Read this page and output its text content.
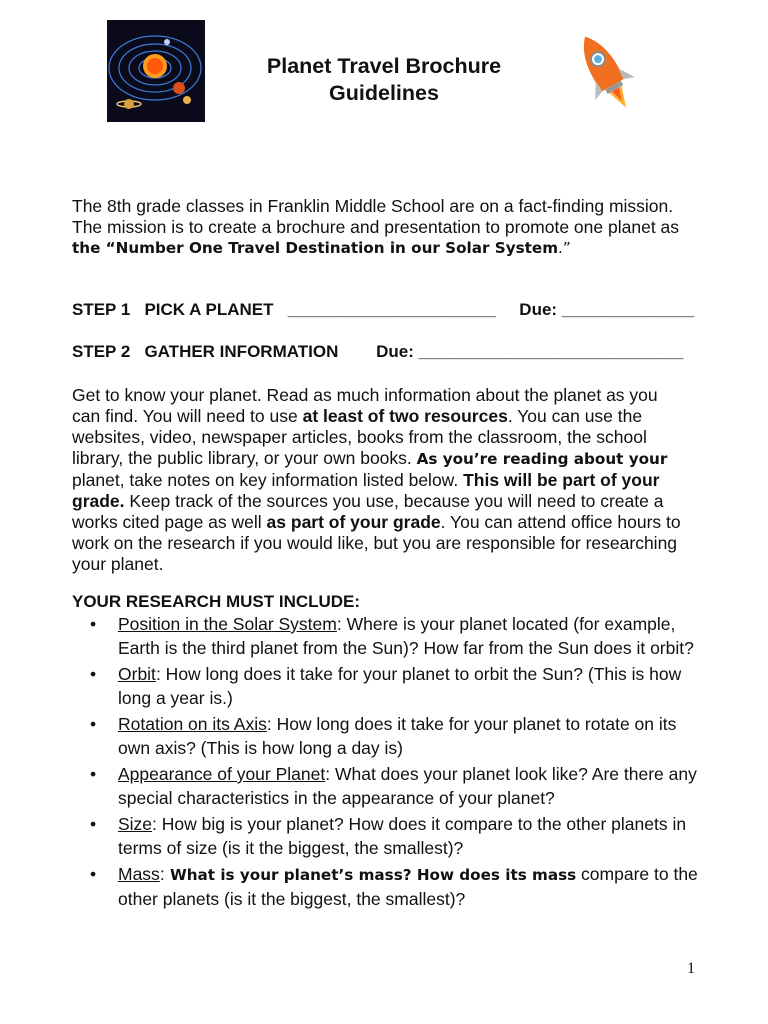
Planet Travel Brochure
Guidelines
The 8th grade classes in Franklin Middle School are on a fact-finding mission.
The mission is to create a brochure and presentation to promote one planet as
the “Number One Travel Destination in our Solar System.”
STEP 1   PICK A PLANET   ______________________     Due: ______________
STEP 2   GATHER INFORMATION        Due: ____________________________
Get to know your planet. Read as much information about the planet as you
can find. You will need to use at least of two resources. You can use the
websites, video, newspaper articles, books from the classroom, the school
library, the public library, or your own books. As you’re reading about your
planet, take notes on key information listed below. This will be part of your
grade. Keep track of the sources you use, because you will need to create a
works cited page as well as part of your grade. You can attend office hours to
work on the research if you would like, but you are responsible for researching
your planet.
YOUR RESEARCH MUST INCLUDE:
• Position in the Solar System: Where is your planet located (for example, Earth is the third planet from the Sun)? How far from the Sun does it orbit?
• Orbit: How long does it take for your planet to orbit the Sun? (This is how long a year is.)
• Rotation on its Axis: How long does it take for your planet to rotate on its own axis? (This is how long a day is)
• Appearance of your Planet: What does your planet look like? Are there any special characteristics in the appearance of your planet?
• Size: How big is your planet? How does it compare to the other planets in terms of size (is it the biggest, the smallest)?
• Mass: What is your planet’s mass? How does its mass compare to the other planets (is it the biggest, the smallest)?
1
